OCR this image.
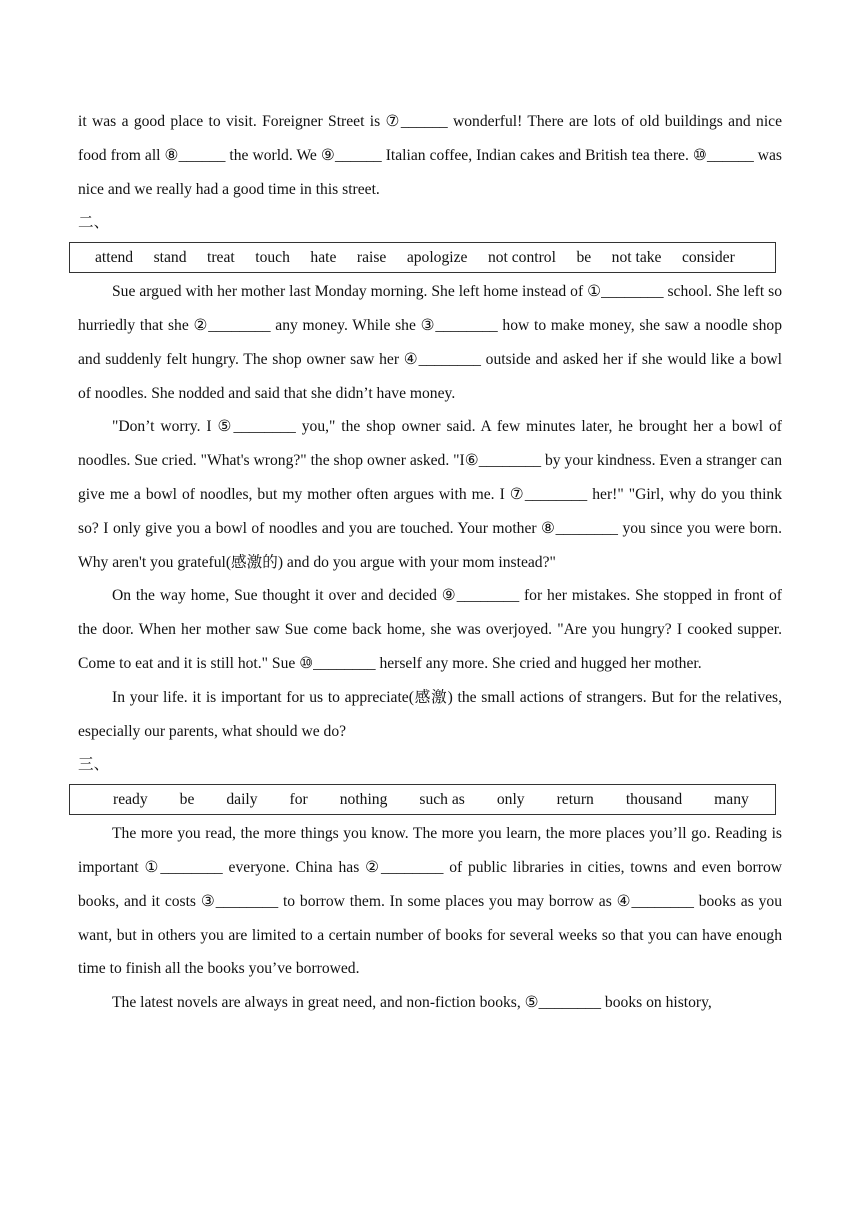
it was a good place to visit. Foreigner Street is ⑦______ wonderful! There are lots of old buildings and nice food from all ⑧______ the world. We ⑨______ Italian coffee, Indian cakes and British tea there. ⑩______ was nice and we really had a good time in this street.

二、

attend stand treat touch hate raise apologize not control be not take consider

Sue argued with her mother last Monday morning. She left home instead of ①________ school. She left so hurriedly that she ②________ any money. While she ③________ how to make money, she saw a noodle shop and suddenly felt hungry. The shop owner saw her ④________ outside and asked her if she would like a bowl of noodles. She nodded and said that she didn’t have money.

"Don’t worry. I ⑤________ you," the shop owner said. A few minutes later, he brought her a bowl of noodles. Sue cried. "What's wrong?" the shop owner asked. "I⑥________ by your kindness. Even a stranger can give me a bowl of noodles, but my mother often argues with me. I ⑦________ her!" "Girl, why do you think so? I only give you a bowl of noodles and you are touched. Your mother ⑧________ you since you were born. Why aren't you grateful(感激的) and do you argue with your mom instead?"

On the way home, Sue thought it over and decided ⑨________ for her mistakes. She stopped in front of the door. When her mother saw Sue come back home, she was overjoyed. "Are you hungry? I cooked supper. Come to eat and it is still hot." Sue ⑩________ herself any more. She cried and hugged her mother.

In your life. it is important for us to appreciate(感激) the small actions of strangers. But for the relatives, especially our parents, what should we do?

三、

ready be daily for nothing such as only return thousand many

The more you read, the more things you know. The more you learn, the more places you’ll go. Reading is important ①________ everyone. China has ②________ of public libraries in cities, towns and even borrow books, and it costs ③________ to borrow them. In some places you may borrow as ④________ books as you want, but in others you are limited to a certain number of books for several weeks so that you can have enough time to finish all the books you’ve borrowed.

The latest novels are always in great need, and non-fiction books, ⑤________ books on history,
